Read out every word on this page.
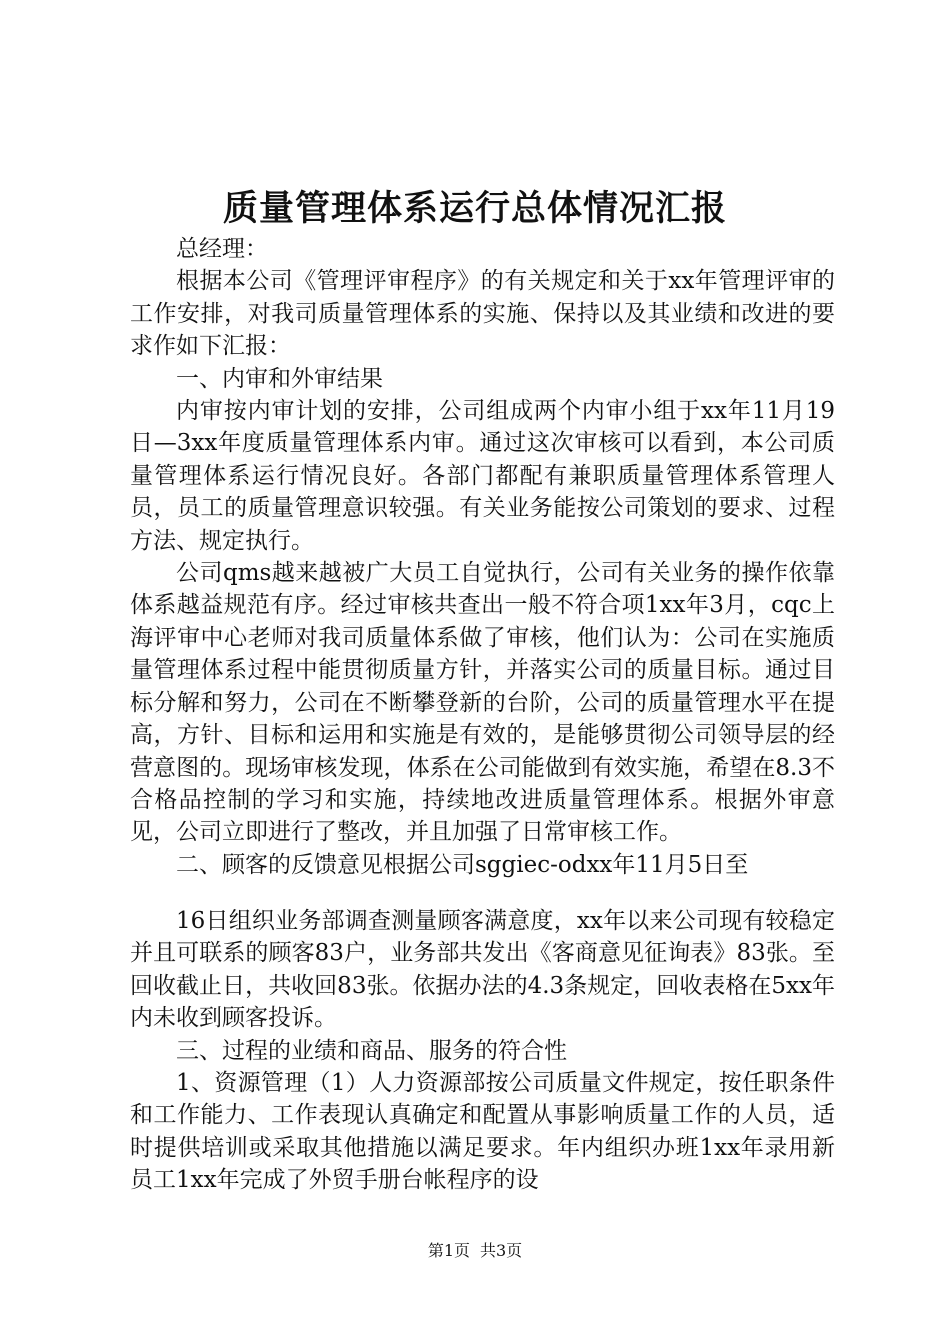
质量管理体系运行总体情况汇报

总经理：

根据本公司《管理评审程序》的有关规定和关于xx年管理评审的工作安排，对我司质量管理体系的实施、保持以及其业绩和改进的要求作如下汇报：

一、内审和外审结果

内审按内审计划的安排，公司组成两个内审小组于xx年11月19日—3xx年度质量管理体系内审。通过这次审核可以看到，本公司质量管理体系运行情况良好。各部门都配有兼职质量管理体系管理人员，员工的质量管理意识较强。有关业务能按公司策划的要求、过程方法、规定执行。

公司qms越来越被广大员工自觉执行，公司有关业务的操作依靠体系越益规范有序。经过审核共查出一般不符合项1xx年3月，cqc上海评审中心老师对我司质量体系做了审核，他们认为：公司在实施质量管理体系过程中能贯彻质量方针，并落实公司的质量目标。通过目标分解和努力，公司在不断攀登新的台阶，公司的质量管理水平在提高，方针、目标和运用和实施是有效的，是能够贯彻公司领导层的经营意图的。现场审核发现，体系在公司能做到有效实施，希望在8.3不合格品控制的学习和实施，持续地改进质量管理体系。根据外审意见，公司立即进行了整改，并且加强了日常审核工作。

二、顾客的反馈意见根据公司sggiec-odxx年11月5日至

16日组织业务部调查测量顾客满意度，xx年以来公司现有较稳定并且可联系的顾客83户，业务部共发出《客商意见征询表》83张。至回收截止日，共收回83张。依据办法的4.3条规定，回收表格在5xx年内未收到顾客投诉。

三、过程的业绩和商品、服务的符合性

1、资源管理（1）人力资源部按公司质量文件规定，按任职条件和工作能力、工作表现认真确定和配置从事影响质量工作的人员，适时提供培训或采取其他措施以满足要求。年内组织办班1xx年录用新员工1xx年完成了外贸手册台帐程序的设

第1页 共3页
